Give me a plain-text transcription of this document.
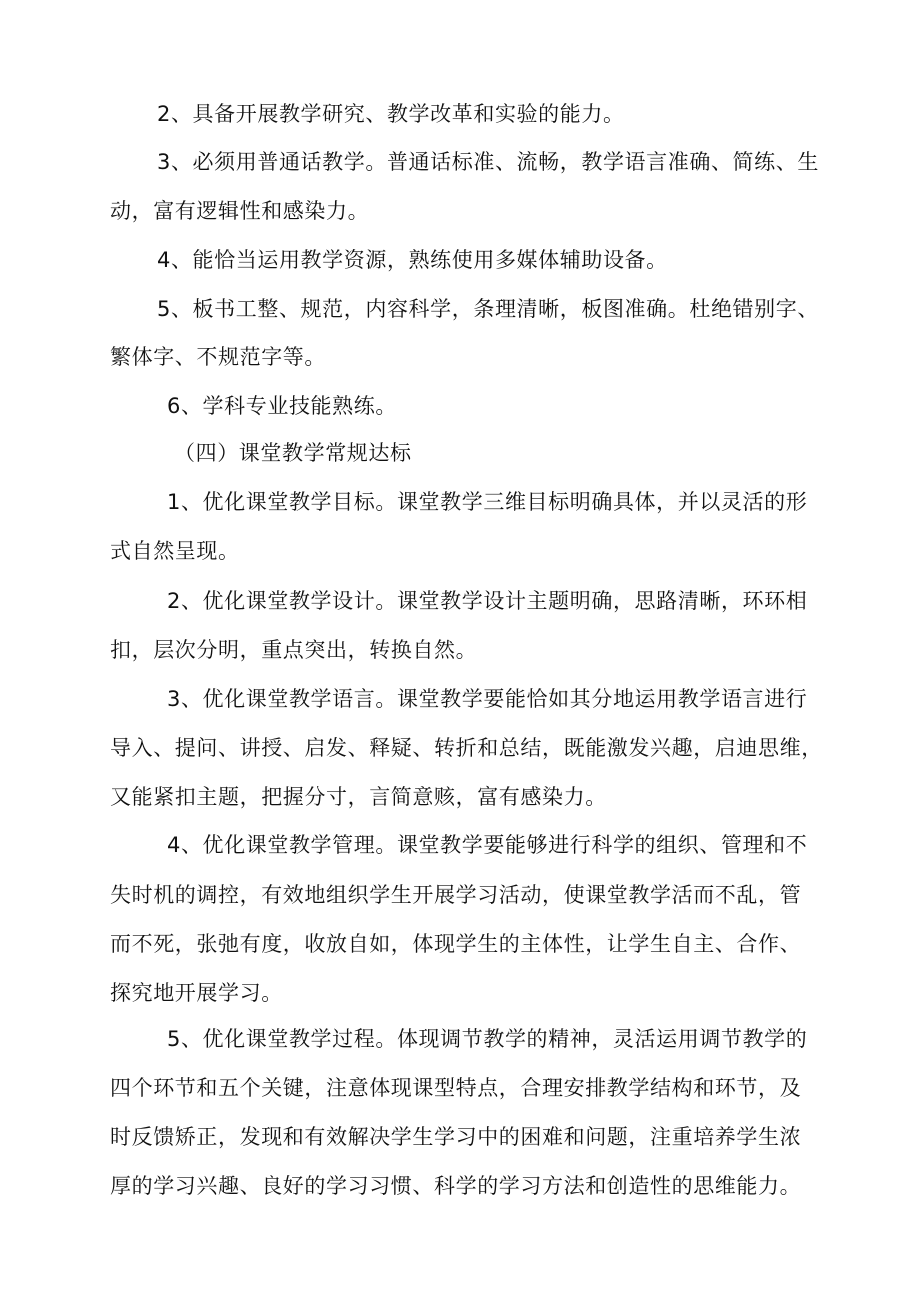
2、具备开展教学研究、教学改革和实验的能力。
3、必须用普通话教学。普通话标准、流畅，教学语言准确、简练、生
动，富有逻辑性和感染力。
4、能恰当运用教学资源，熟练使用多媒体辅助设备。
5、板书工整、规范，内容科学，条理清晰，板图准确。杜绝错别字、
繁体字、不规范字等。
6、学科专业技能熟练。
（四）课堂教学常规达标
1、优化课堂教学目标。课堂教学三维目标明确具体，并以灵活的形
式自然呈现。
2、优化课堂教学设计。课堂教学设计主题明确，思路清晰，环环相
扣，层次分明，重点突出，转换自然。
3、优化课堂教学语言。课堂教学要能恰如其分地运用教学语言进行
导入、提问、讲授、启发、释疑、转折和总结，既能激发兴趣，启迪思维，
又能紧扣主题，把握分寸，言简意赅，富有感染力。
4、优化课堂教学管理。课堂教学要能够进行科学的组织、管理和不
失时机的调控，有效地组织学生开展学习活动，使课堂教学活而不乱，管
而不死，张弛有度，收放自如，体现学生的主体性，让学生自主、合作、
探究地开展学习。
5、优化课堂教学过程。体现调节教学的精神，灵活运用调节教学的
四个环节和五个关键，注意体现课型特点，合理安排教学结构和环节，及
时反馈矫正，发现和有效解决学生学习中的困难和问题，注重培养学生浓
厚的学习兴趣、良好的学习习惯、科学的学习方法和创造性的思维能力。
